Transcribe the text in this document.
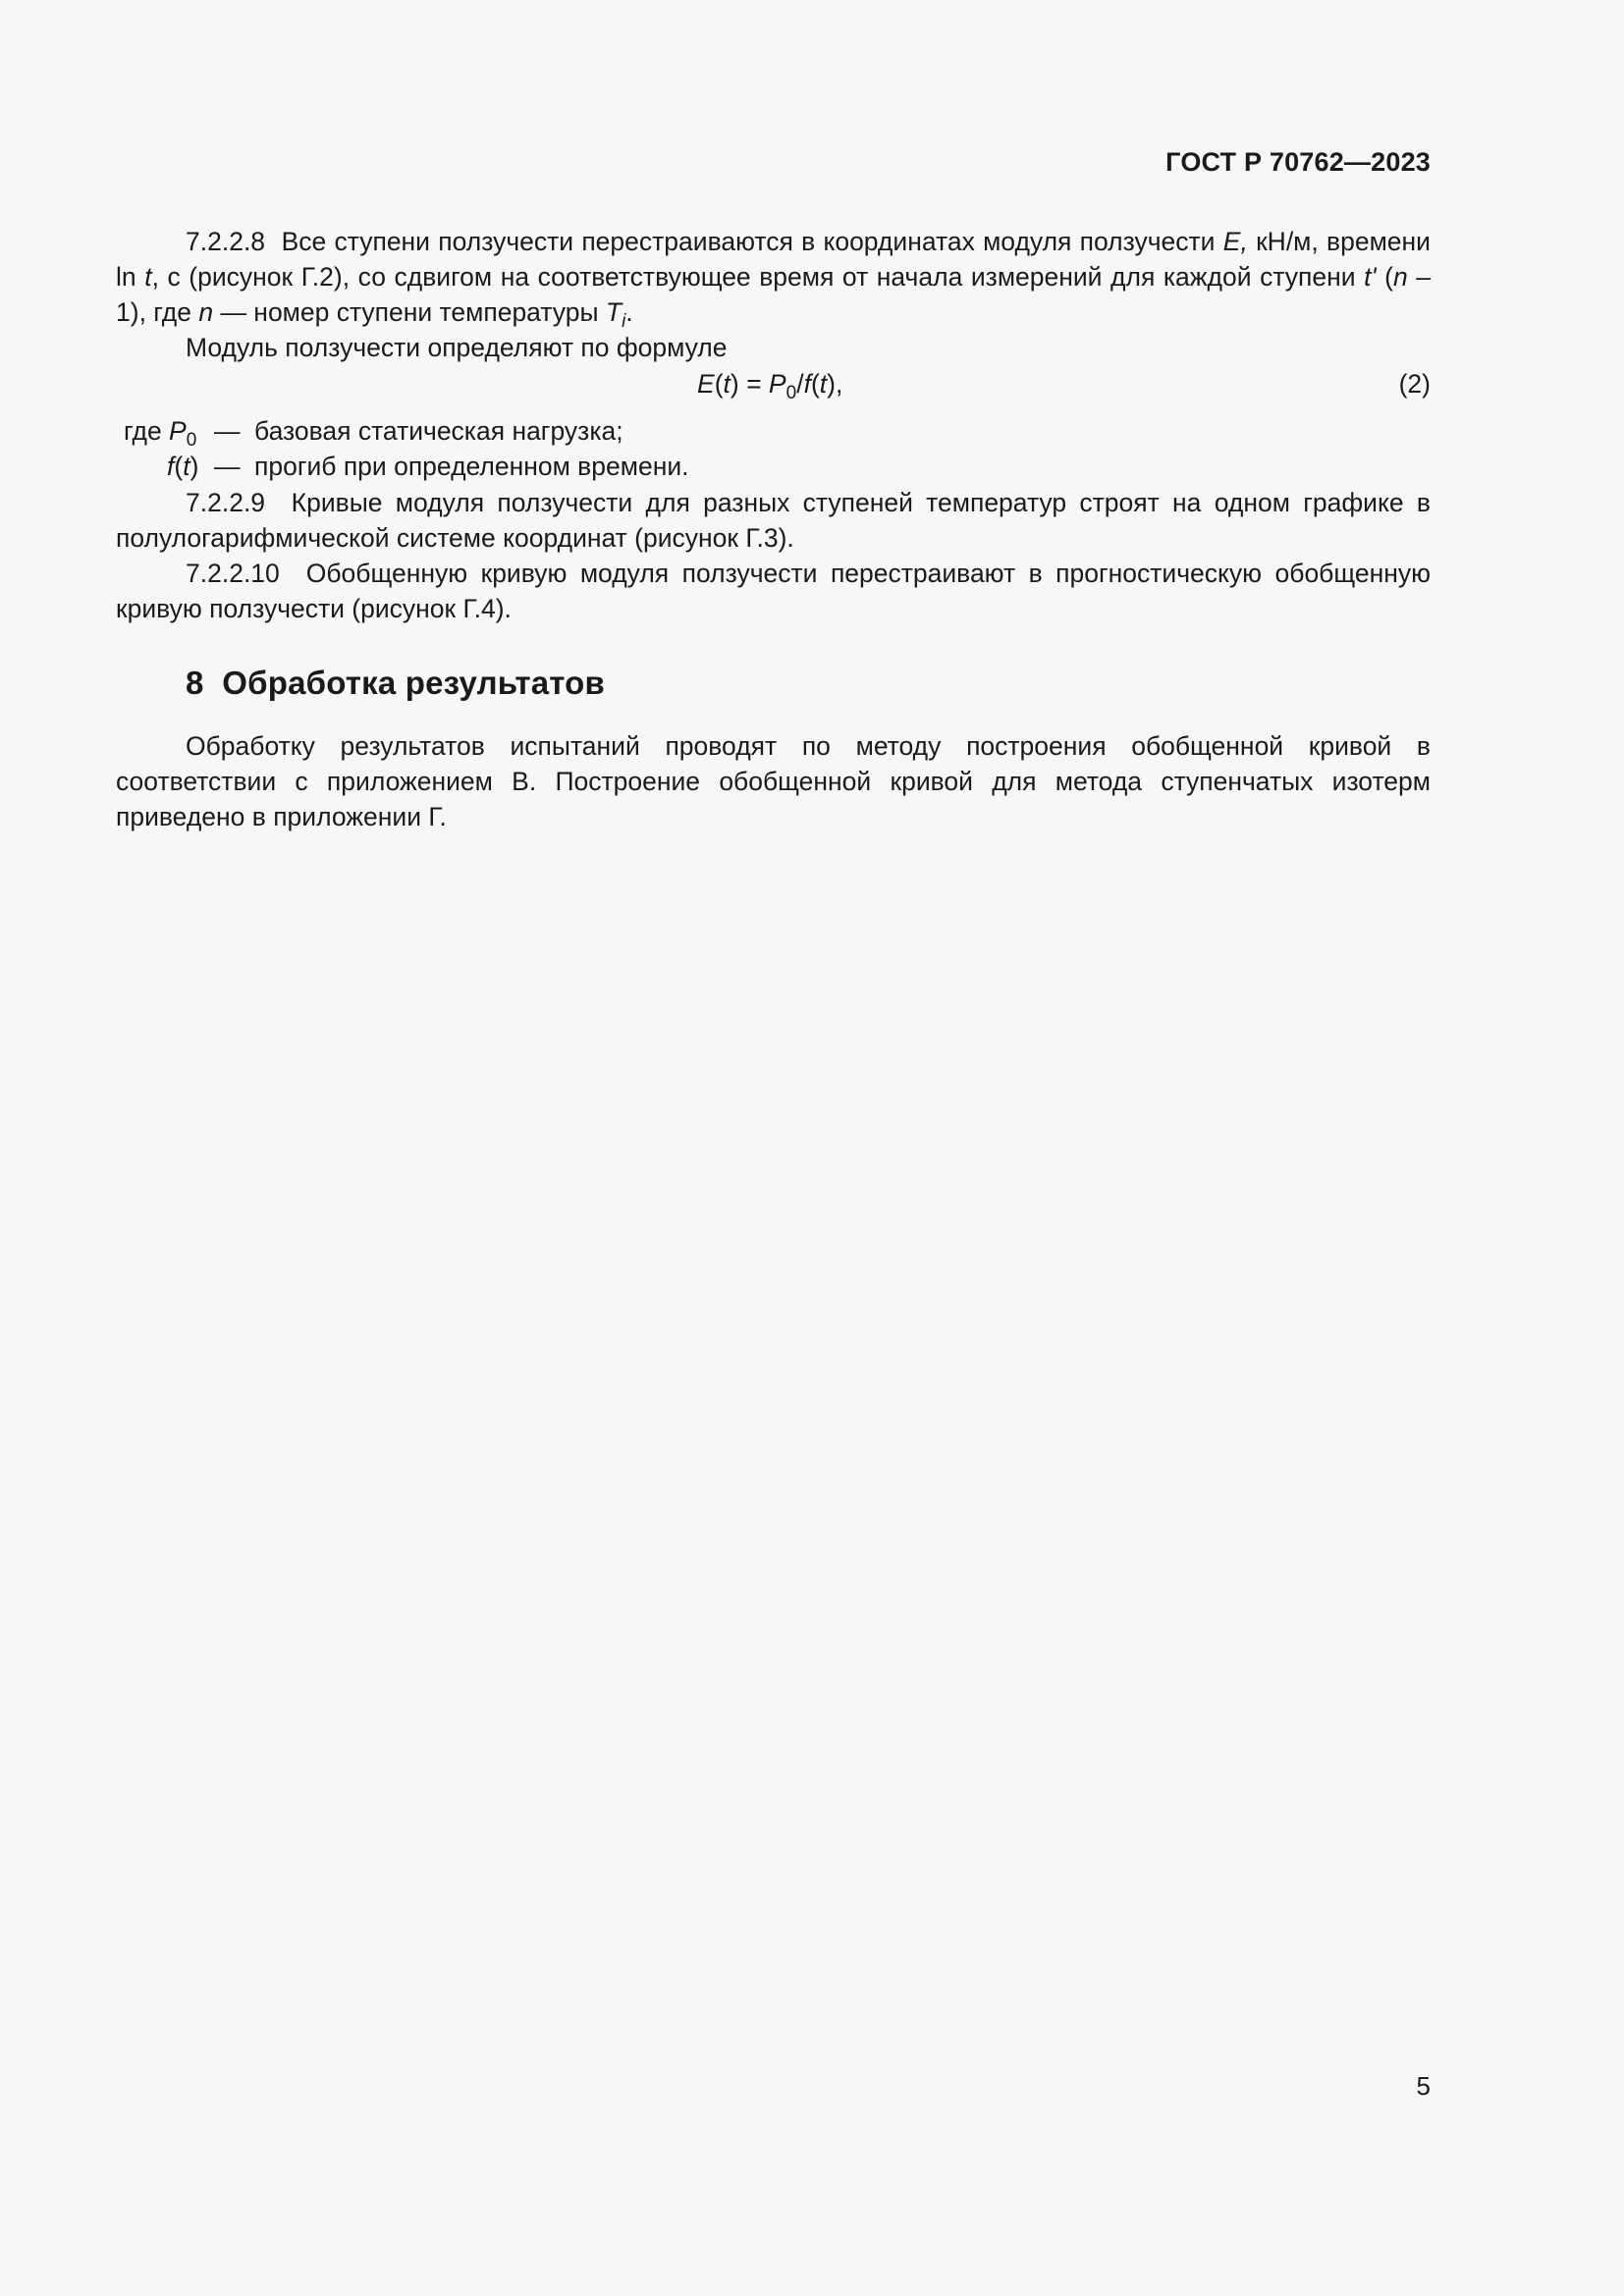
ГОСТ Р 70762—2023

7.2.2.8 Все ступени ползучести перестраиваются в координатах модуля ползучести E, кН/м, времени ln t, с (рисунок Г.2), со сдвигом на соответствующее время от начала измерений для каждой ступени t' (n – 1), где n — номер ступени температуры $T_i$.

Модуль ползучести определяют по формуле

$E(t) = P_0/f(t)$,	(2)
где $P_0$ — базовая статическая нагрузка;
f(t) — прогиб при определенном времени.

7.2.2.9 Кривые модуля ползучести для разных ступеней температур строят на одном графике в полулогарифмической системе координат (рисунок Г.3).

7.2.2.10 Обобщенную кривую модуля ползучести перестраивают в прогностическую обобщенную кривую ползучести (рисунок Г.4).

8  Обработка результатов

Обработку результатов испытаний проводят по методу построения обобщенной кривой в соответствии с приложением В. Построение обобщенной кривой для метода ступенчатых изотерм приведено в приложении Г.

5
